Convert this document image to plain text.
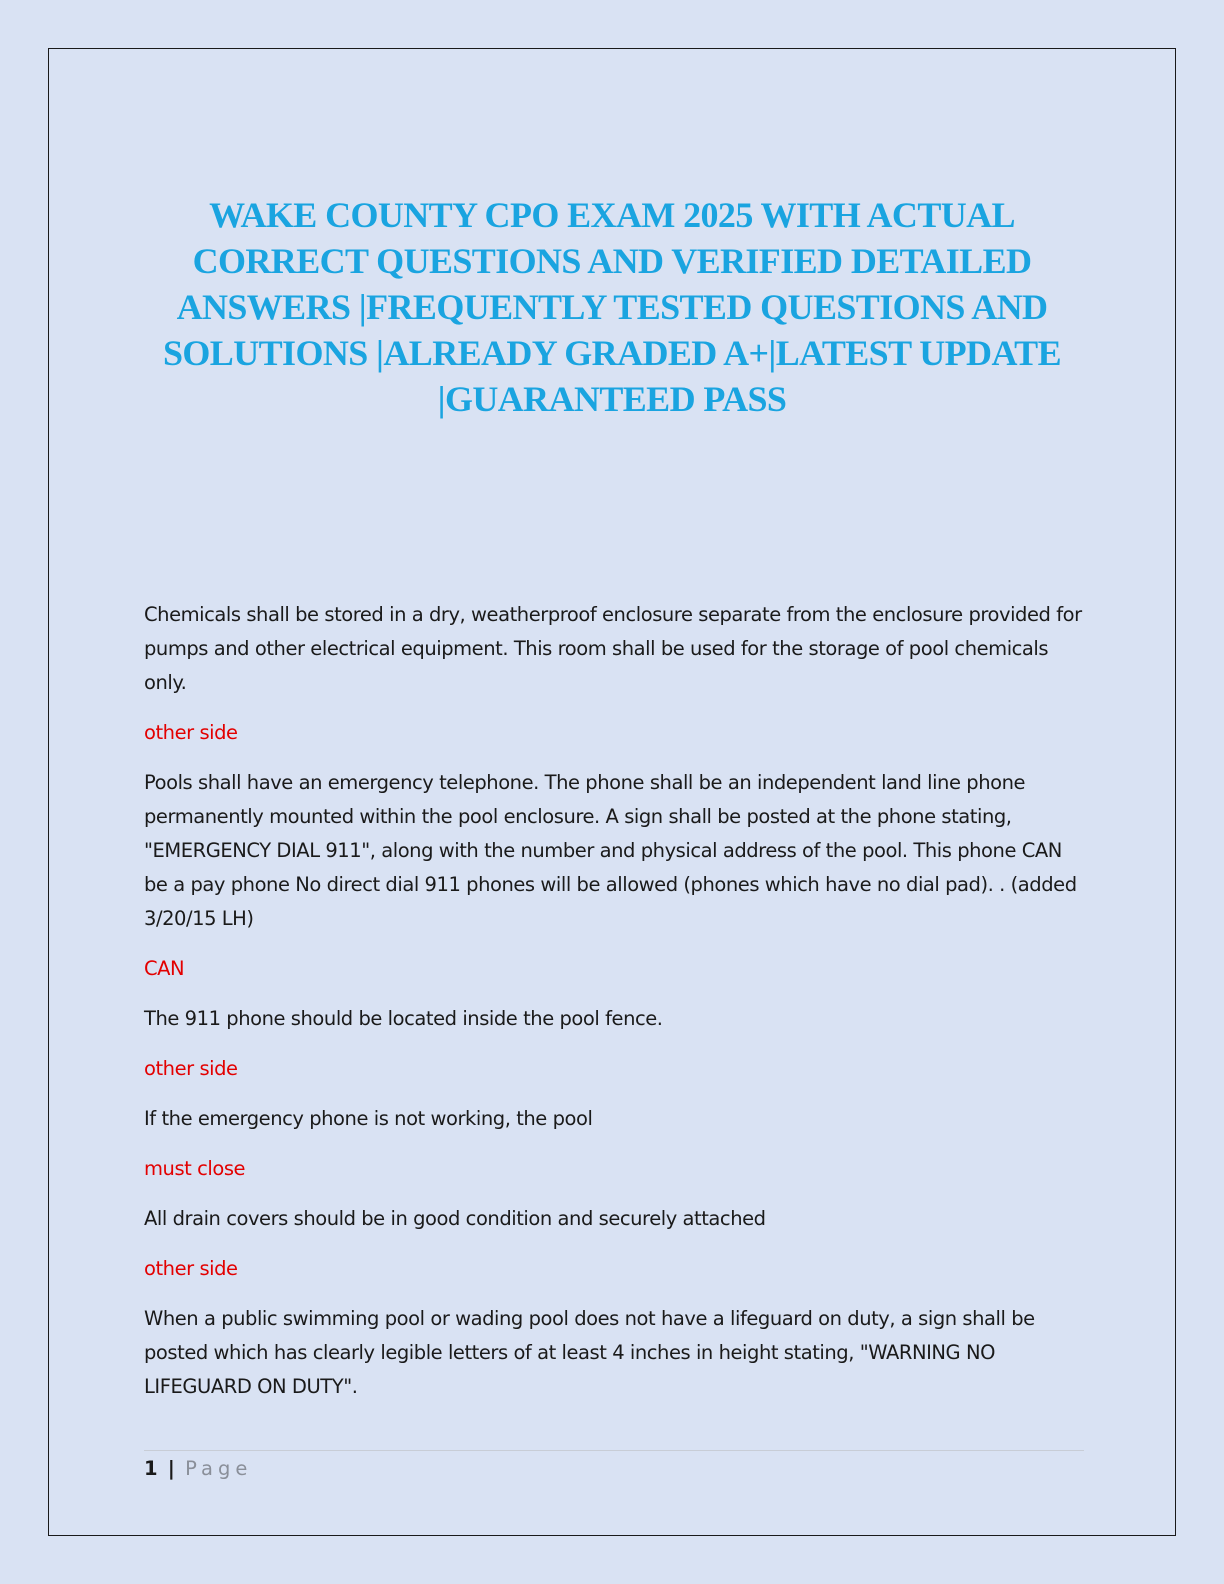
WAKE COUNTY CPO EXAM 2025 WITH ACTUAL CORRECT QUESTIONS AND VERIFIED DETAILED ANSWERS |FREQUENTLY TESTED QUESTIONS AND SOLUTIONS |ALREADY GRADED A+|LATEST UPDATE |GUARANTEED PASS

Chemicals shall be stored in a dry, weatherproof enclosure separate from the enclosure provided for pumps and other electrical equipment. This room shall be used for the storage of pool chemicals only.

other side

Pools shall have an emergency telephone. The phone shall be an independent land line phone permanently mounted within the pool enclosure. A sign shall be posted at the phone stating, "EMERGENCY DIAL 911", along with the number and physical address of the pool. This phone CAN be a pay phone No direct dial 911 phones will be allowed (phones which have no dial pad). . (added 3/20/15 LH)

CAN

The 911 phone should be located inside the pool fence.

other side

If the emergency phone is not working, the pool

must close

All drain covers should be in good condition and securely attached

other side

When a public swimming pool or wading pool does not have a lifeguard on duty, a sign shall be posted which has clearly legible letters of at least 4 inches in height stating, "WARNING NO LIFEGUARD ON DUTY".

1 | Page
